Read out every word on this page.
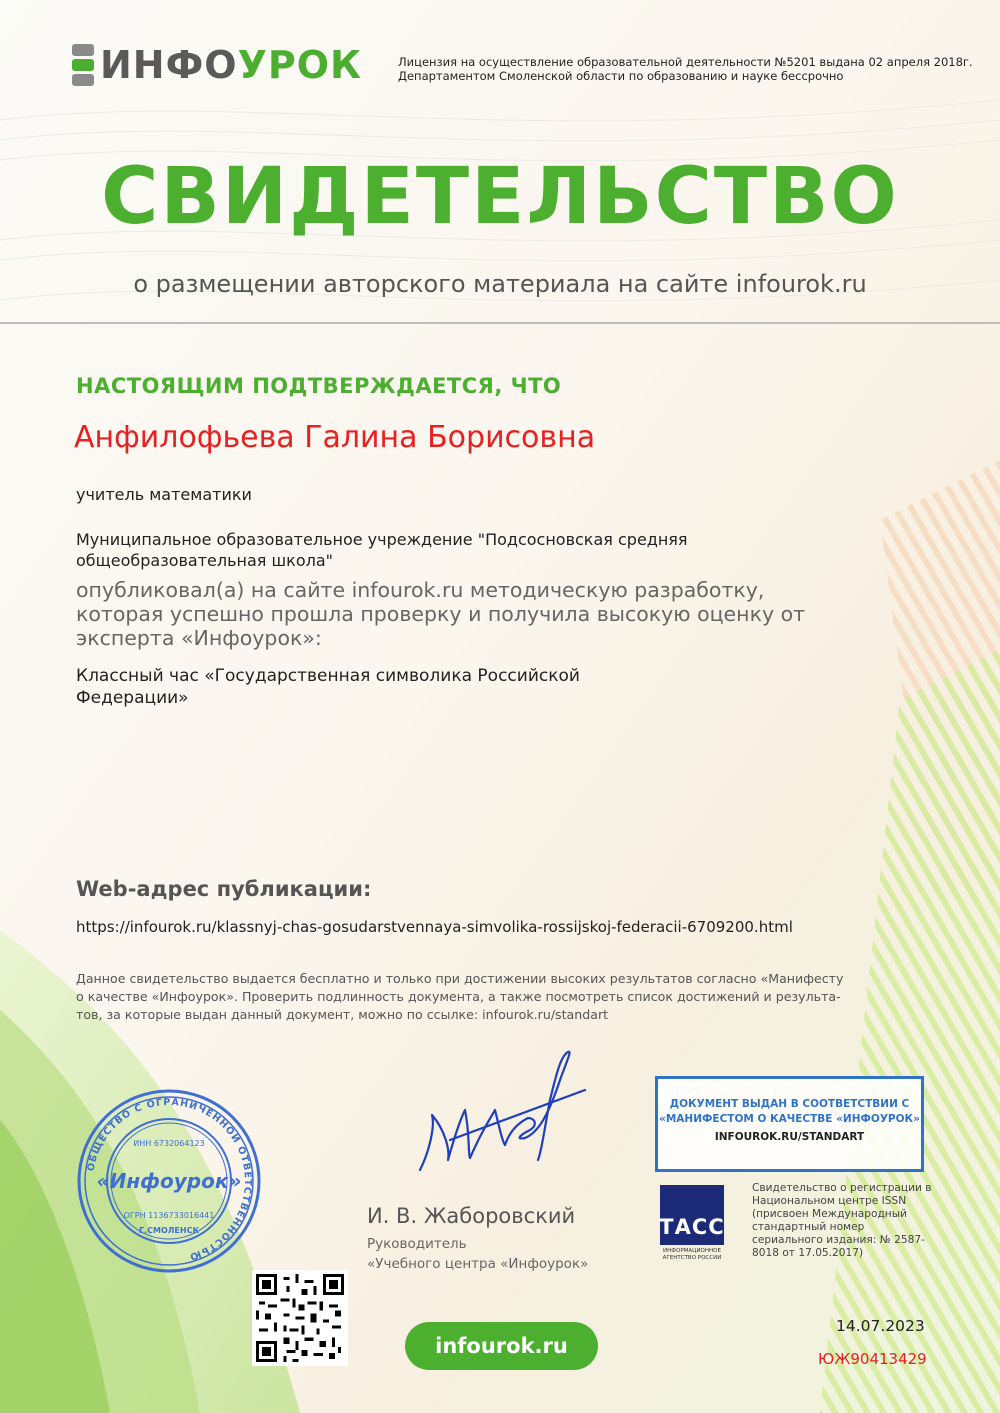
ИНФОУРОК	Лицензия на осуществление образовательной деятельности №5201 выдана 02 апреля 2018г.
Департаментом Смоленской области по образованию и науке бессрочно
СВИДЕТЕЛЬСТВО
о размещении авторского материала на сайте infourok.ru
НАСТОЯЩИМ ПОДТВЕРЖДАЕТСЯ, ЧТО
Анфилофьева Галина Борисовна
учитель математики
Муниципальное образовательное учреждение "Подсосновская средняя общеобразовательная школа"
опубликовал(а) на сайте infourok.ru методическую разработку, которая успешно прошла проверку и получила высокую оценку от эксперта «Инфоурок»:
Классный час «Государственная символика Российской Федерации»
Web-адрес публикации:
https://infourok.ru/klassnyj-chas-gosudarstvennaya-simvolika-rossijskoj-federacii-6709200.html
Данное свидетельство выдается бесплатно и только при достижении высоких результатов согласно «Манифесту
о качестве «Инфоурок». Проверить подлинность документа, а также посмотреть список достижений и результа-
тов, за которые выдан данный документ, можно по ссылке: infourok.ru/standart
ОБЩЕСТВО С ОГРАНИЧЕННОЙ ОТВЕТСТВЕННОСТЬЮ
ИНН 6732064123
«Инфоурок»
ОГРН 1136733016441
Г.СМОЛЕНСК
И. В. Жаборовский
Руководитель
«Учебного центра «Инфоурок»
infourok.ru
ДОКУМЕНТ ВЫДАН В СООТВЕТСТВИИ С
«МАНИФЕСТОМ О КАЧЕСТВЕ «ИНФОУРОК»
INFOUROK.RU/STANDART
ТАСС
ИНФОРМАЦИОННОЕ
АГЕНТСТВО РОССИИ
Свидетельство о регистрации в Национальном центре ISSN (присвоен Международный стандартный номер сериального издания: № 2587-8018 от 17.05.2017)
14.07.2023
ЮЖ90413429
